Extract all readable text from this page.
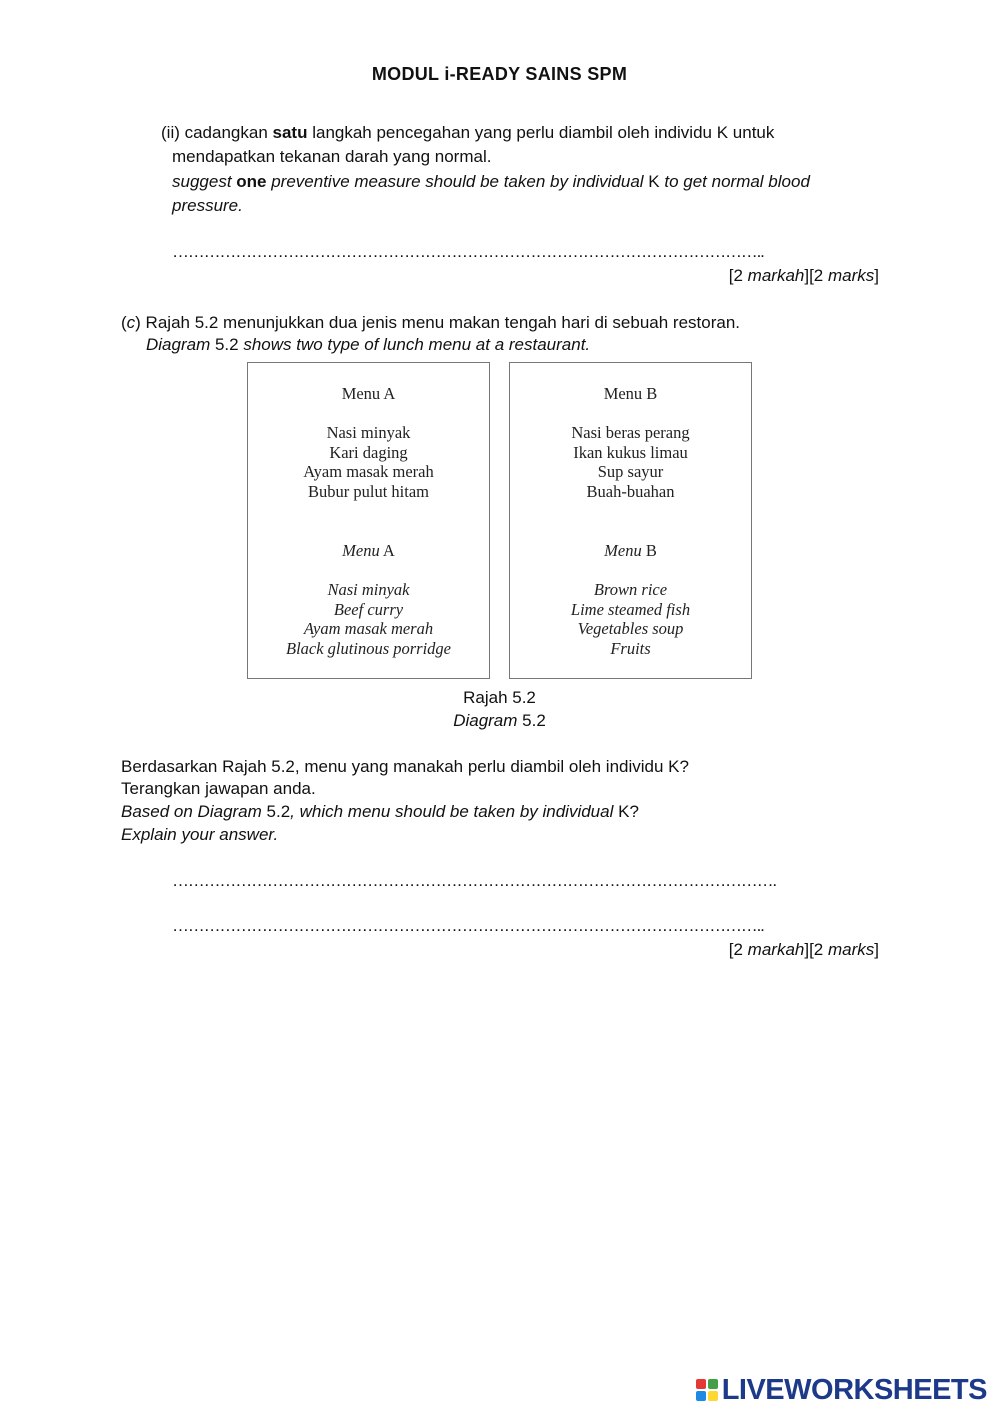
MODUL i-READY SAINS SPM
(ii) cadangkan satu langkah pencegahan yang perlu diambil oleh individu K untuk
mendapatkan tekanan darah yang normal.
suggest one preventive measure should be taken by individual K to get normal blood
pressure.
…………………………………………………………………………………………………..
[2 markah][2 marks]
(c) Rajah 5.2 menunjukkan dua jenis menu makan tengah hari di sebuah restoran.
Diagram 5.2 shows two type of lunch menu at a restaurant.
Menu A
Nasi minyak
Kari daging
Ayam masak merah
Bubur pulut hitam
Menu A
Nasi minyak
Beef curry
Ayam masak merah
Black glutinous porridge
Menu B
Nasi beras perang
Ikan kukus limau
Sup sayur
Buah-buahan
Menu B
Brown rice
Lime steamed fish
Vegetables soup
Fruits
Rajah 5.2
Diagram 5.2
Berdasarkan Rajah 5.2, menu yang manakah perlu diambil oleh individu K?
Terangkan jawapan anda.
Based on Diagram 5.2, which menu should be taken by individual K?
Explain your answer.
…………………………………………………………………………………………………….
…………………………………………………………………………………………………..
[2 markah][2 marks]
LIVEWORKSHEETS
